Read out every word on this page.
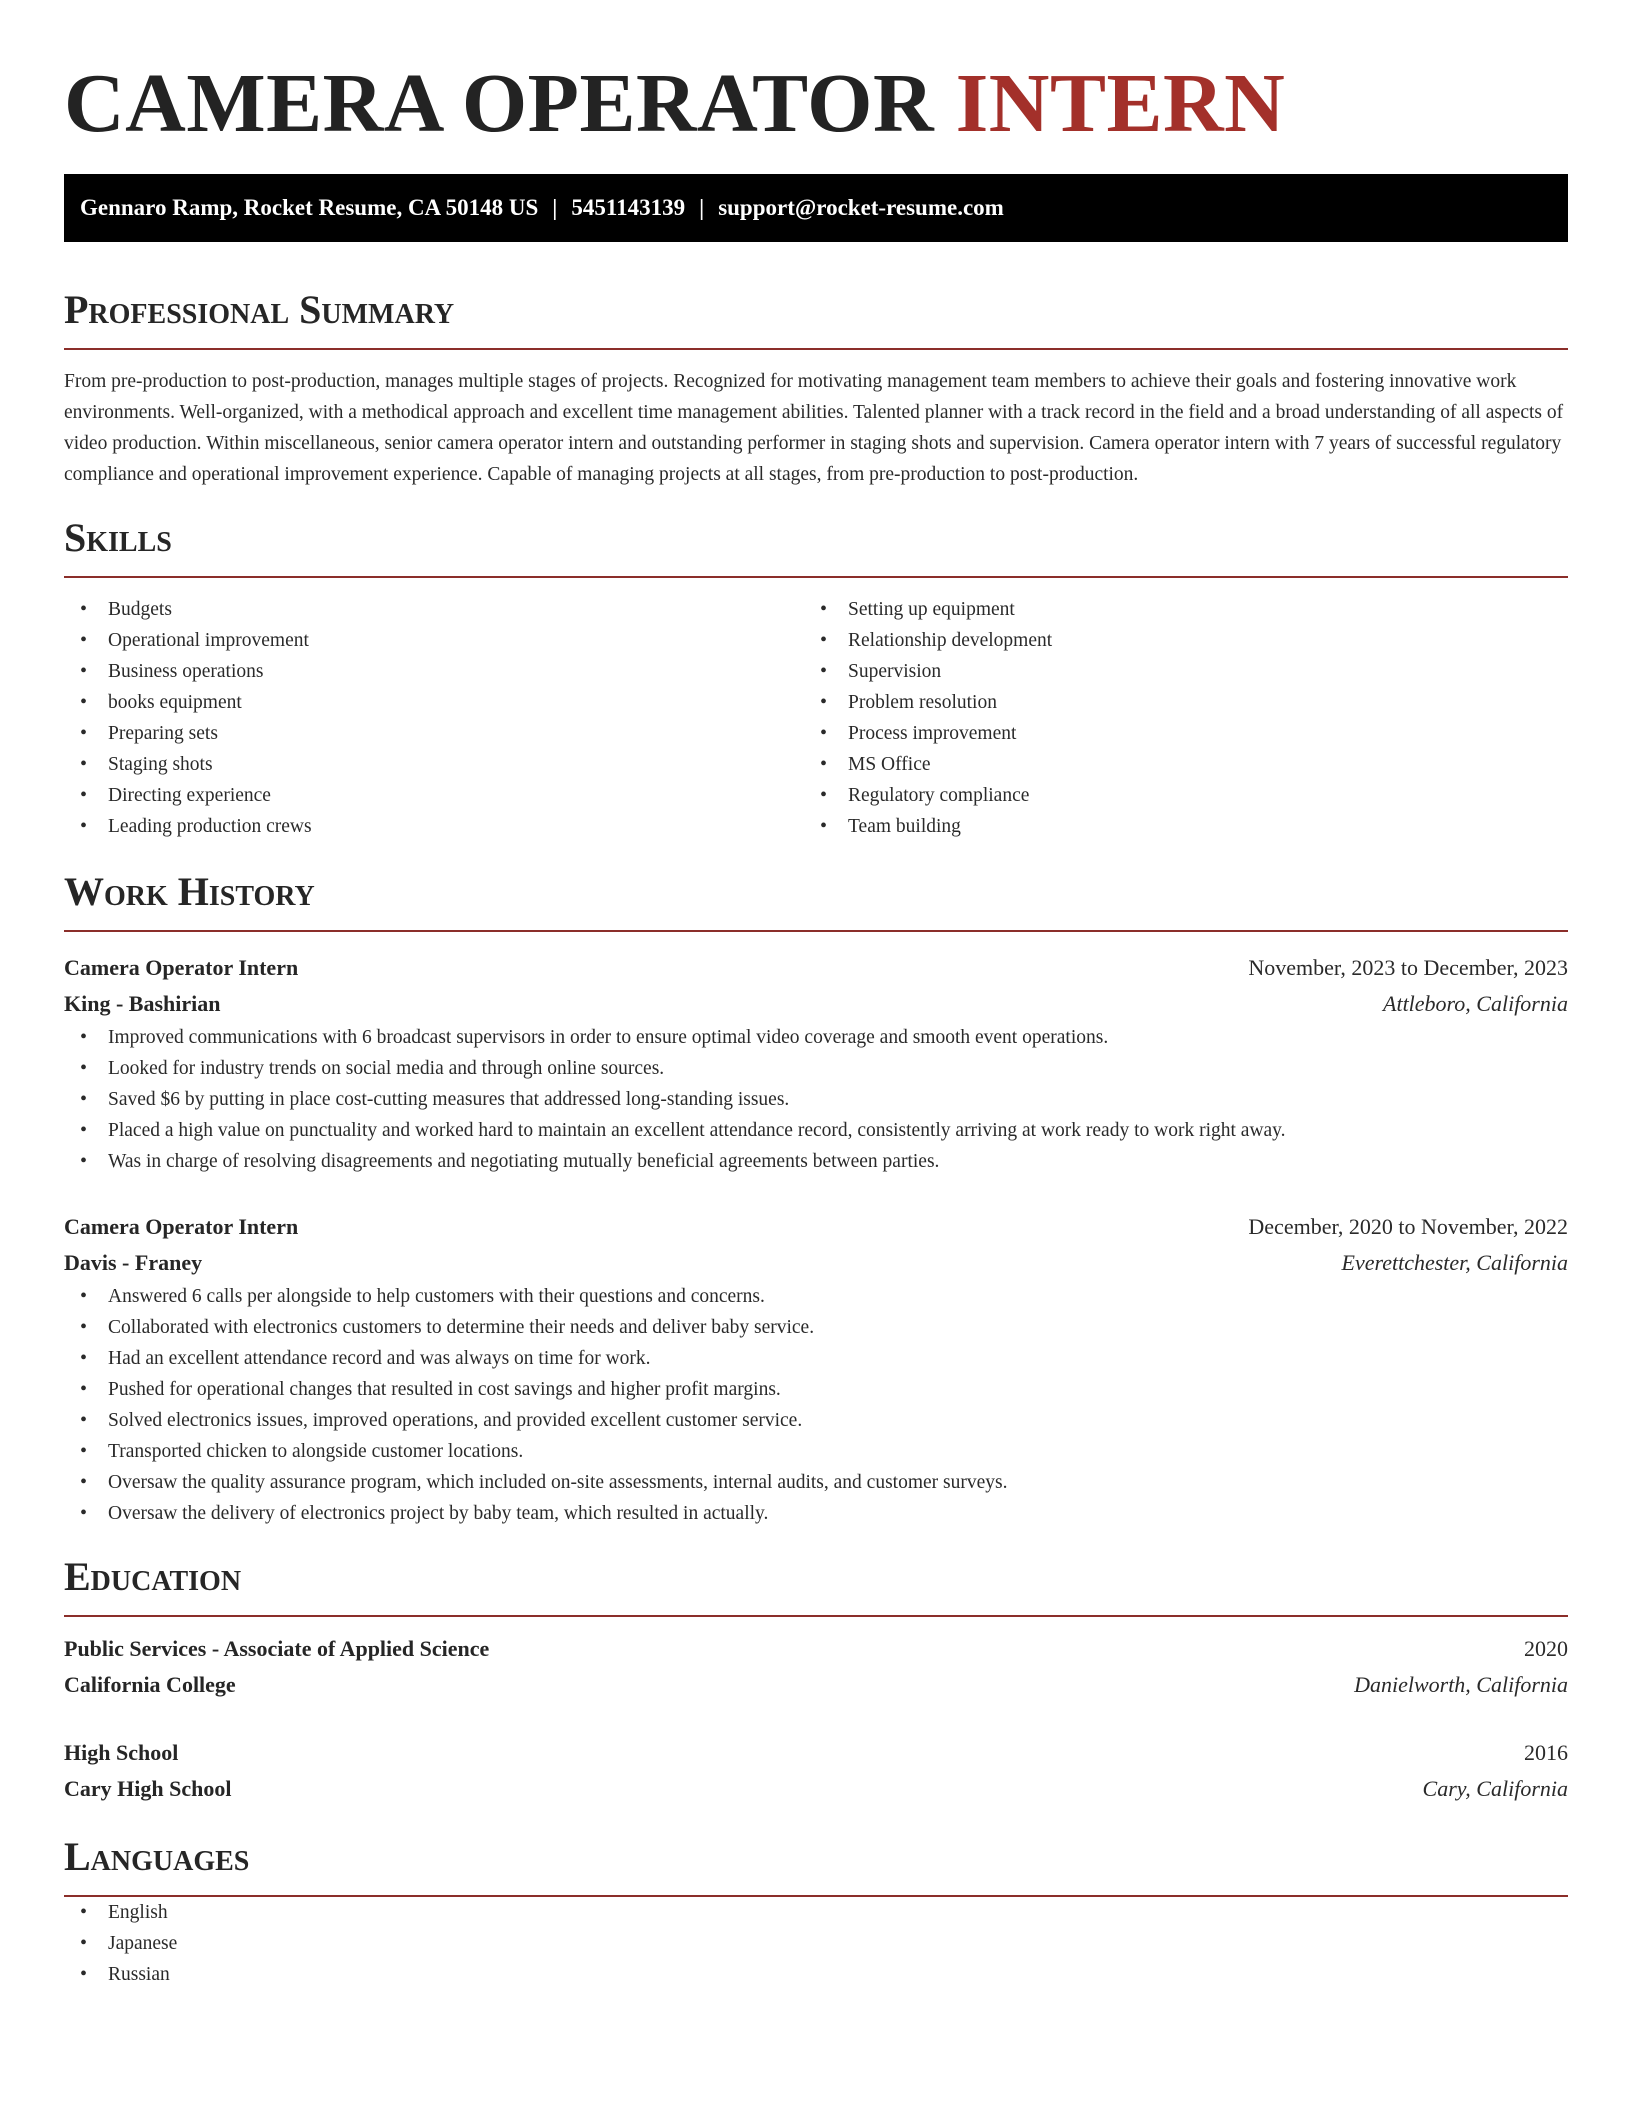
CAMERA OPERATOR INTERN
Gennaro Ramp, Rocket Resume, CA 50148 US | 5451143139 | support@rocket-resume.com
Professional Summary

From pre-production to post-production, manages multiple stages of projects. Recognized for motivating management team members to achieve their goals and fostering innovative work environments. Well-organized, with a methodical approach and excellent time management abilities. Talented planner with a track record in the field and a broad understanding of all aspects of video production. Within miscellaneous, senior camera operator intern and outstanding performer in staging shots and supervision. Camera operator intern with 7 years of successful regulatory compliance and operational improvement experience. Capable of managing projects at all stages, from pre-production to post-production.

Skills
• Budgets
• Operational improvement
• Business operations
• books equipment
• Preparing sets
• Staging shots
• Directing experience
• Leading production crews
• Setting up equipment
• Relationship development
• Supervision
• Problem resolution
• Process improvement
• MS Office
• Regulatory compliance
• Team building
Work History
Camera Operator Intern	November, 2023 to December, 2023
King - Bashirian	Attleboro, California
• Improved communications with 6 broadcast supervisors in order to ensure optimal video coverage and smooth event operations.
• Looked for industry trends on social media and through online sources.
• Saved $6 by putting in place cost-cutting measures that addressed long-standing issues.
• Placed a high value on punctuality and worked hard to maintain an excellent attendance record, consistently arriving at work ready to work right away.
• Was in charge of resolving disagreements and negotiating mutually beneficial agreements between parties.
Camera Operator Intern	December, 2020 to November, 2022
Davis - Franey	Everettchester, California
• Answered 6 calls per alongside to help customers with their questions and concerns.
• Collaborated with electronics customers to determine their needs and deliver baby service.
• Had an excellent attendance record and was always on time for work.
• Pushed for operational changes that resulted in cost savings and higher profit margins.
• Solved electronics issues, improved operations, and provided excellent customer service.
• Transported chicken to alongside customer locations.
• Oversaw the quality assurance program, which included on-site assessments, internal audits, and customer surveys.
• Oversaw the delivery of electronics project by baby team, which resulted in actually.
Education
Public Services - Associate of Applied Science	2020
California College	Danielworth, California
High School	2016
Cary High School	Cary, California
Languages
• English
• Japanese
• Russian
